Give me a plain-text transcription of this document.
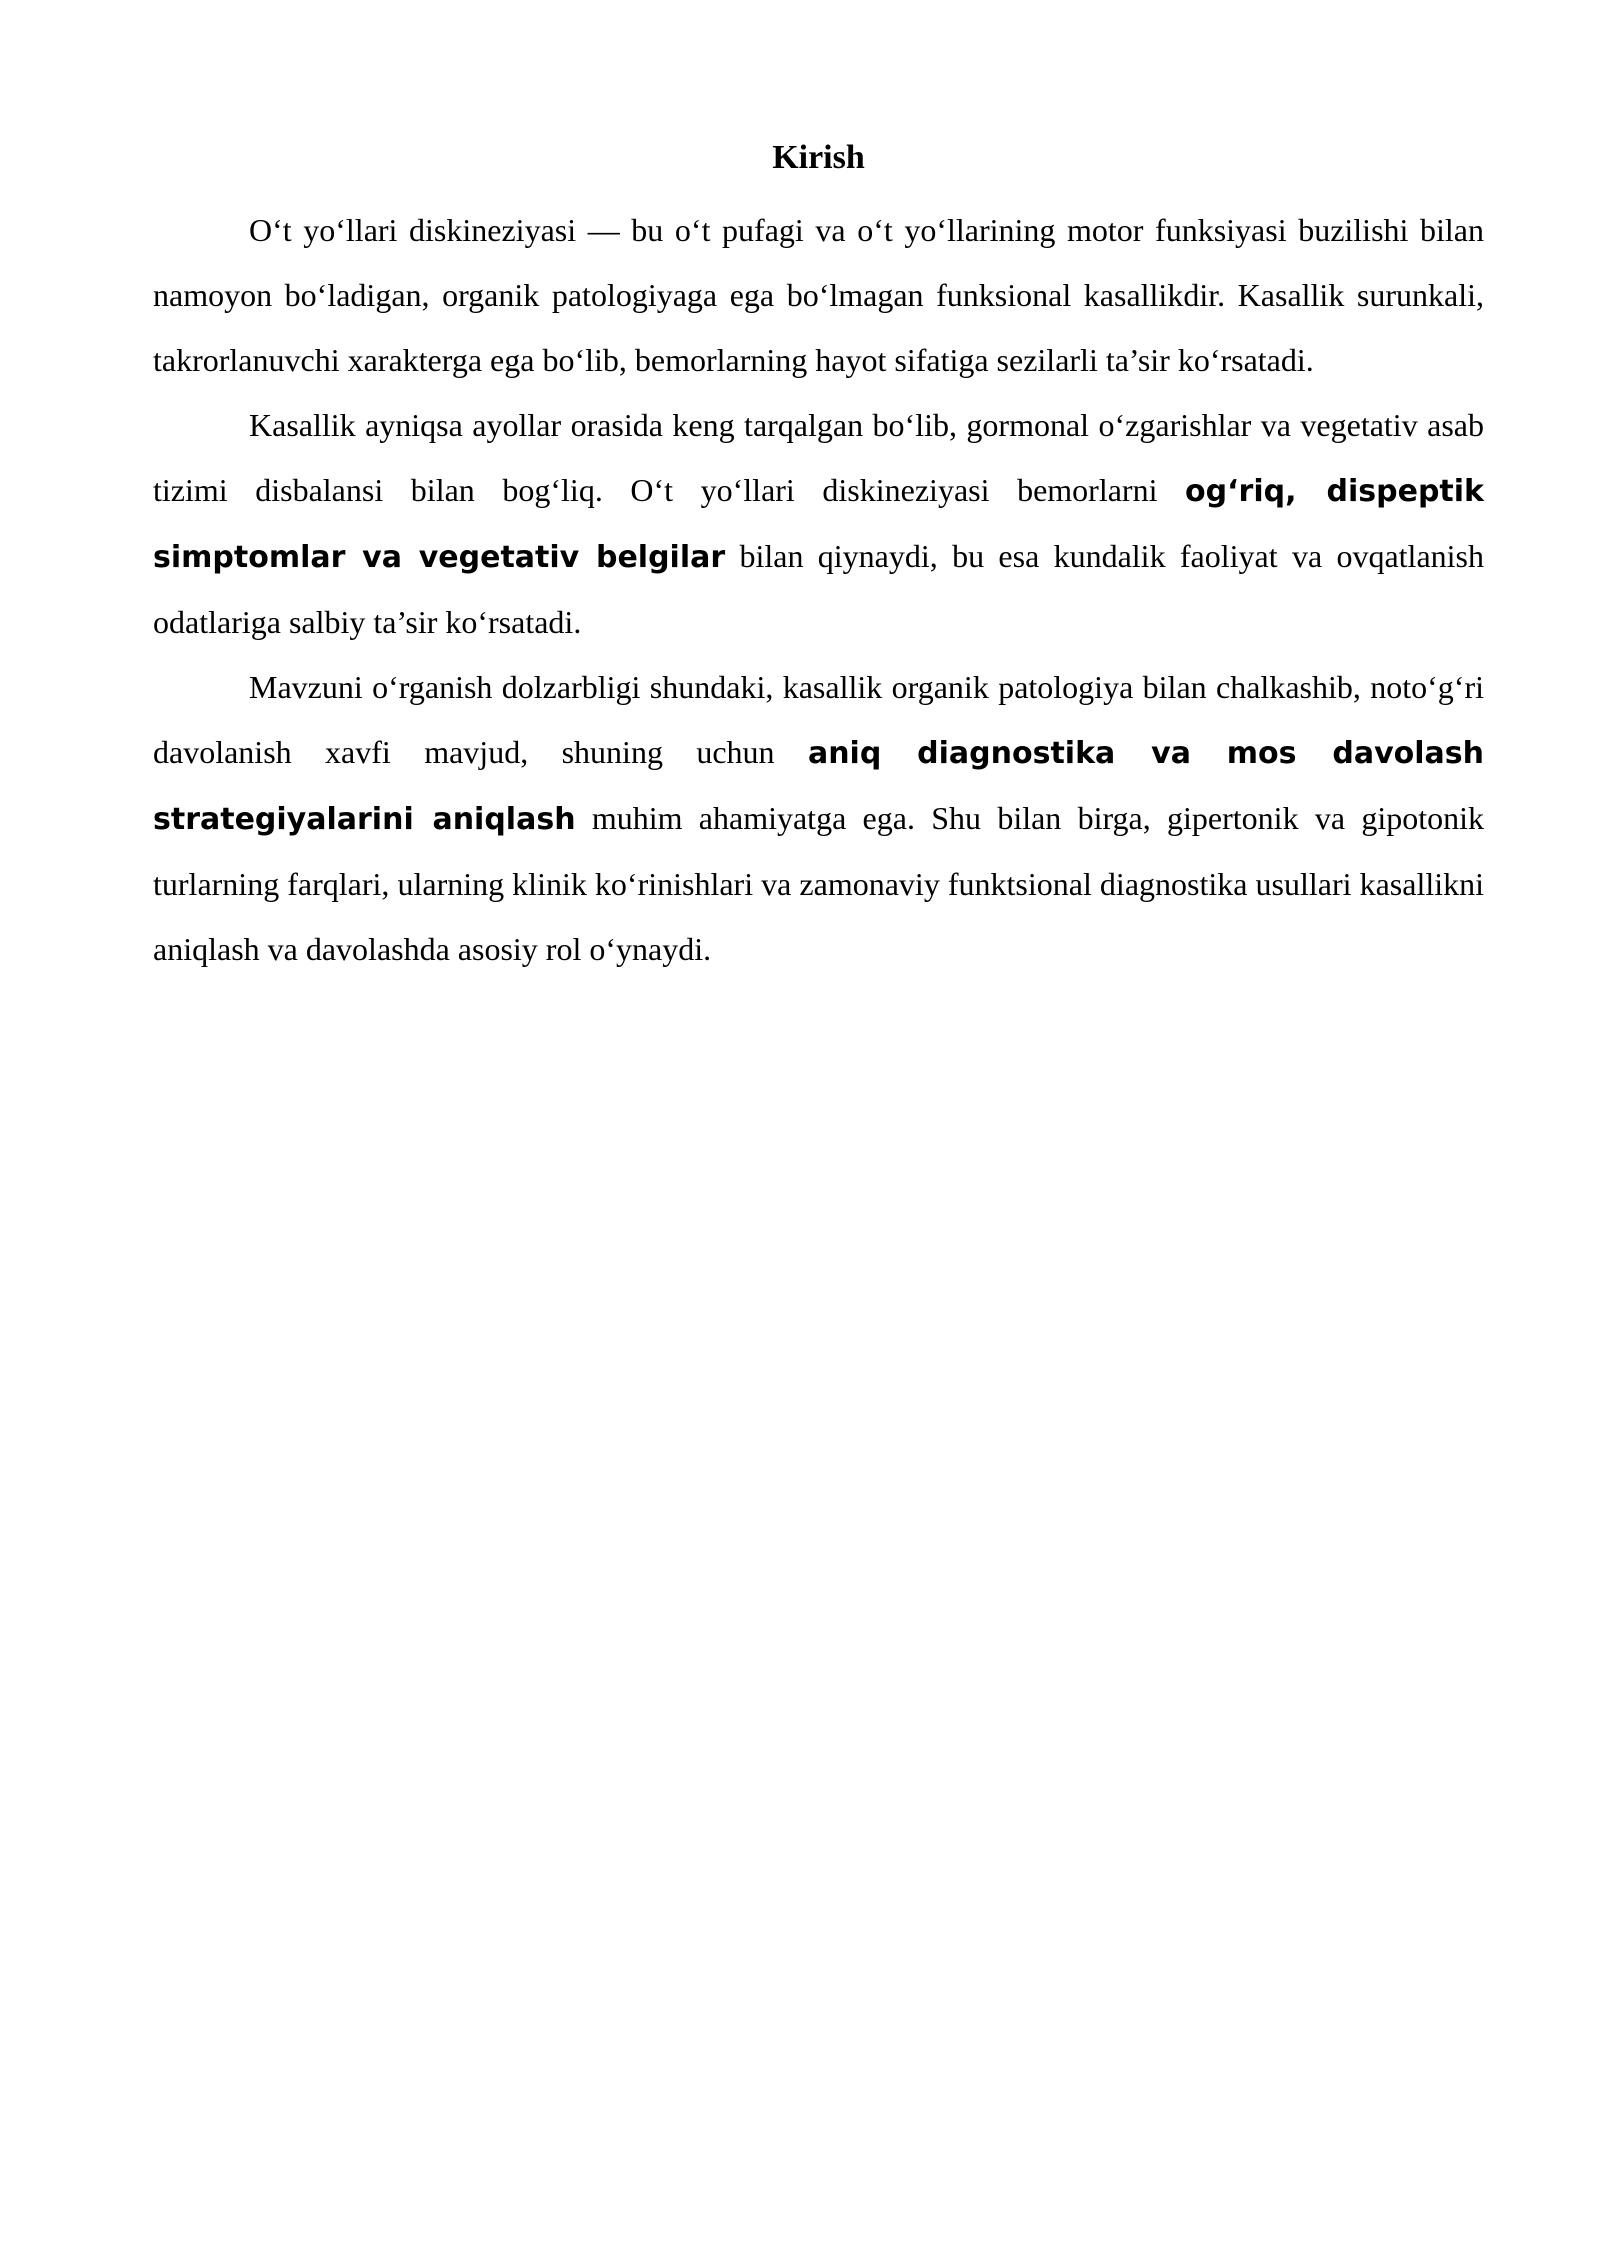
Kirish

O‘t yo‘llari diskineziyasi — bu o‘t pufagi va o‘t yo‘llarining motor funksiyasi buzilishi bilan namoyon bo‘ladigan, organik patologiyaga ega bo‘lmagan funksional kasallikdir. Kasallik surunkali, takrorlanuvchi xarakterga ega bo‘lib, bemorlarning hayot sifatiga sezilarli ta’sir ko‘rsatadi.

Kasallik ayniqsa ayollar orasida keng tarqalgan bo‘lib, gormonal o‘zgarishlar va vegetativ asab tizimi disbalansi bilan bog‘liq. O‘t yo‘llari diskineziyasi bemorlarni og‘riq, dispeptik simptomlar va vegetativ belgilar bilan qiynaydi, bu esa kundalik faoliyat va ovqatlanish odatlariga salbiy ta’sir ko‘rsatadi.

Mavzuni o‘rganish dolzarbligi shundaki, kasallik organik patologiya bilan chalkashib, noto‘g‘ri davolanish xavfi mavjud, shuning uchun aniq diagnostika va mos davolash strategiyalarini aniqlash muhim ahamiyatga ega. Shu bilan birga, gipertonik va gipotonik turlarning farqlari, ularning klinik ko‘rinishlari va zamonaviy funktsional diagnostika usullari kasallikni aniqlash va davolashda asosiy rol o‘ynaydi.
